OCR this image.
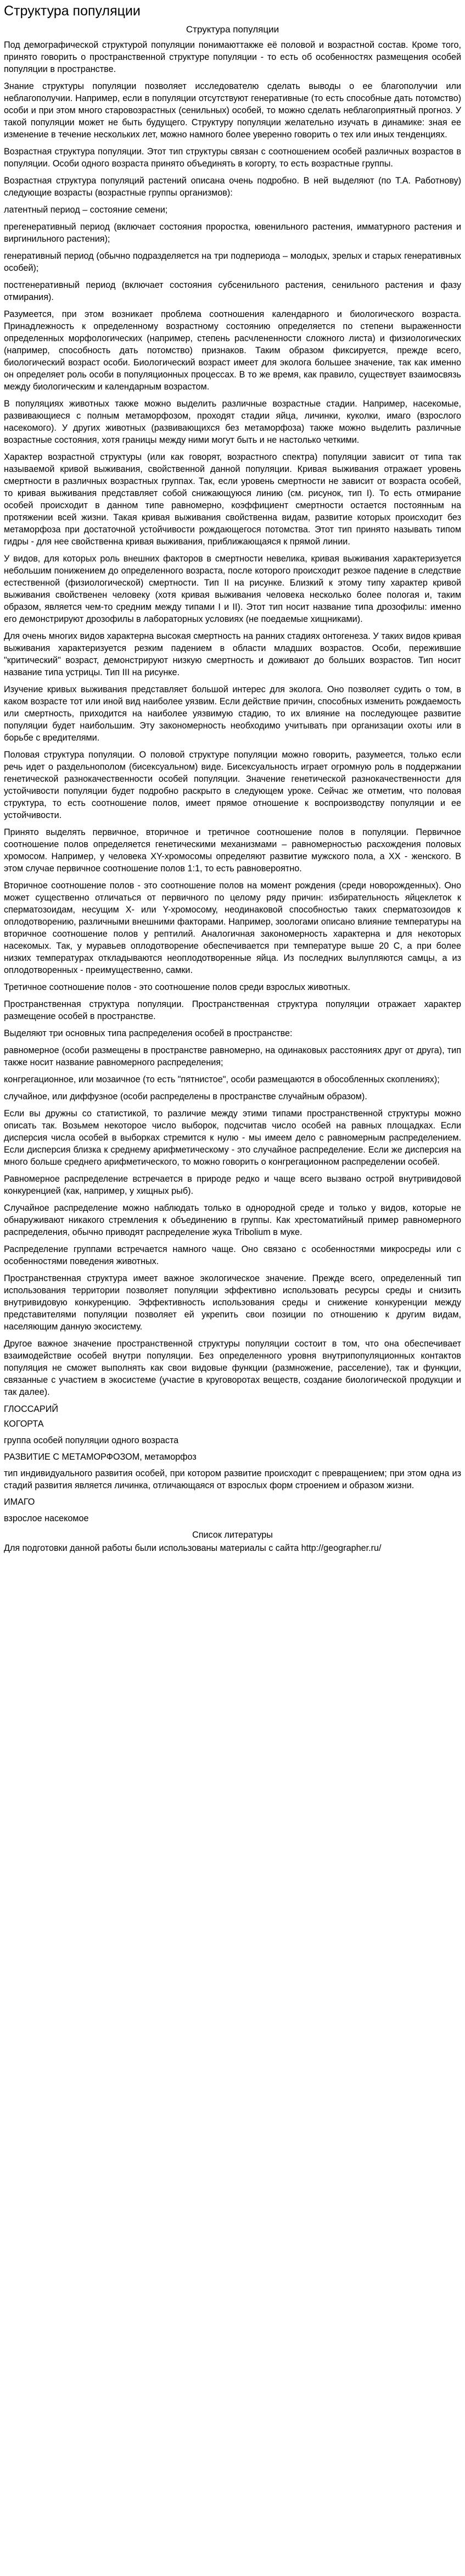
Структура популяции
Структура популяции

Под демографической структурой популяции понимаюттакже её половой и возрастной состав. Кроме того, принято говорить о пространственной структуре популяции - то есть об особенностях размещения особей популяции в пространстве.

Знание структуры популяции позволяет исследователю сделать выводы о ее благополучии или неблагополучии. Например, если в популяции отсутствуют генеративные (то есть способные дать потомство) особи и при этом много старовозрастных (сенильных) особей, то можно сделать неблагоприятный прогноз. У такой популяции может не быть будущего. Структуру популяции желательно изучать в динамике: зная ее изменение в течение нескольких лет, можно намного более уверенно говорить о тех или иных тенденциях.

Возрастная структура популяции. Этот тип структуры связан с соотношением особей различных возрастов в популяции. Особи одного возраста принято объединять в когорту, то есть возрастные группы.

Возрастная структура популяций растений описана очень подробно. В ней выделяют (по Т.А. Работнову) следующие возрасты (возрастные группы организмов):

латентный период – состояние семени;

прегенеративный период (включает состояния проростка, ювенильного растения, имматурного растения и виргинильного растения);

генеративный период (обычно подразделяется на три подпериода – молодых, зрелых и старых генеративных особей);

постгенеративный период (включает состояния субсенильного растения, сенильного растения и фазу отмирания).

Разумеется, при этом возникает проблема соотношения календарного и биологического возраста. Принадлежность к определенному возрастному состоянию определяется по степени выраженности определенных морфологических (например, степень расчлененности сложного листа) и физиологических (например, способность дать потомство) признаков. Таким образом фиксируется, прежде всего, биологический возраст особи. Биологический возраст имеет для эколога большее значение, так как именно он определяет роль особи в популяционных процессах. В то же время, как правило, существует взаимосвязь между биологическим и календарным возрастом.

В популяциях животных также можно выделить различные возрастные стадии. Например, насекомые, развивающиеся с полным метаморфозом, проходят стадии яйца, личинки, куколки, имаго (взрослого насекомого). У других животных (развивающихся без метаморфоза) также можно выделить различные возрастные состояния, хотя границы между ними могут быть и не настолько четкими.

Характер возрастной структуры (или как говорят, возрастного спектра) популяции зависит от типа так называемой кривой выживания, свойственной данной популяции. Кривая выживания отражает уровень смертности в различных возрастных группах. Так, если уровень смертности не зависит от возраста особей, то кривая выживания представляет собой снижающуюся линию (см. рисунок, тип I). То есть отмирание особей происходит в данном типе равномерно, коэффициент смертности остается постоянным на протяжении всей жизни. Такая кривая выживания свойственна видам, развитие которых происходит без метаморфоза при достаточной устойчивости рождающегося потомства. Этот тип принято называть типом гидры - для нее свойственна кривая выживания, приближающаяся к прямой линии.

У видов, для которых роль внешних факторов в смертности невелика, кривая выживания характеризуется небольшим понижением до определенного возраста, после которого происходит резкое падение в следствие естественной (физиологической) смертности. Тип II на рисунке. Близкий к этому типу характер кривой выживания свойственен человеку (хотя кривая выживания человека несколько более пологая и, таким образом, является чем-то средним между типами I и II). Этот тип носит название типа дрозофилы: именно его демонстрируют дрозофилы в лабораторных условиях (не поедаемые хищниками).

Для очень многих видов характерна высокая смертность на ранних стадиях онтогенеза. У таких видов кривая выживания характеризуется резким падением в области младших возрастов. Особи, пережившие "критический" возраст, демонстрируют низкую смертность и доживают до больших возрастов. Тип носит название типа устрицы. Тип III на рисунке.

Изучение кривых выживания представляет большой интерес для эколога. Оно позволяет судить о том, в каком возрасте тот или иной вид наиболее уязвим. Если действие причин, способных изменить рождаемость или смертность, приходится на наиболее уязвимую стадию, то их влияние на последующее развитие популяции будет наибольшим. Эту закономерность необходимо учитывать при организации охоты или в борьбе с вредителями.

Половая структура популяции. О половой структуре популяции можно говорить, разумеется, только если речь идет о раздельнополом (бисексуальном) виде. Бисексуальность играет огромную роль в поддержании генетической разнокачественности особей популяции. Значение генетической разнокачественности для устойчивости популяции будет подробно раскрыто в следующем уроке. Сейчас же отметим, что половая структура, то есть соотношение полов, имеет прямое отношение к воспроизводству популяции и ее устойчивости.

Принято выделять первичное, вторичное и третичное соотношение полов в популяции. Первичное соотношение полов определяется генетическими механизмами – равномерностью расхождения половых хромосом. Например, у человека XY-хромосомы определяют развитие мужского пола, а XX - женского. В этом случае первичное соотношение полов 1:1, то есть равновероятно.

Вторичное соотношение полов - это соотношение полов на момент рождения (среди новорожденных). Оно может существенно отличаться от первичного по целому ряду причин: избирательность яйцеклеток к сперматозоидам, несущим X- или Y-хромосому, неодинаковой способностью таких сперматозоидов к оплодотворению, различными внешними факторами. Например, зоологами описано влияние температуры на вторичное соотношение полов у рептилий. Аналогичная закономерность характерна и для некоторых насекомых. Так, у муравьев оплодотворение обеспечивается при температуре выше 20 С, а при более низких температурах откладываются неоплодотворенные яйца. Из последних вылупляются самцы, а из оплодотворенных - преимущественно, самки.

Третичное соотношение полов - это соотношение полов среди взрослых животных.

Пространственная структура популяции. Пространственная структура популяции отражает характер размещение особей в пространстве.

Выделяют три основных типа распределения особей в пространстве:

равномерное (особи размещены в пространстве равномерно, на одинаковых расстояниях друг от друга), тип также носит название равномерного распределения;

конгрегационное, или мозаичное (то есть "пятнистое", особи размещаются в обособленных скоплениях);

случайное, или диффузное (особи распределены в пространстве случайным образом).

Если вы дружны со статистикой, то различие между этими типами пространственной структуры можно описать так. Возьмем некоторое число выборок, подсчитав число особей на равных площадках. Если дисперсия числа особей в выборках стремится к нулю - мы имеем дело с равномерным распределением. Если дисперсия близка к среднему арифметическому - это случайное распределение. Если же дисперсия на много больше среднего арифметического, то можно говорить о конгрегационном распределении особей.

Равномерное распределение встречается в природе редко и чаще всего вызвано острой внутривидовой конкуренцией (как, например, у хищных рыб).

Случайное распределение можно наблюдать только в однородной среде и только у видов, которые не обнаруживают никакого стремления к объединению в группы. Как хрестоматийный пример равномерного распределения, обычно приводят распределение жука Tribolium в муке.

Распределение группами встречается намного чаще. Оно связано с особенностями микросреды или с особенностями поведения животных.

Пространственная структура имеет важное экологическое значение. Прежде всего, определенный тип использования территории позволяет популяции эффективно использовать ресурсы среды и снизить внутривидовую конкуренцию. Эффективность использования среды и снижение конкуренции между представителями популяции позволяет ей укрепить свои позиции по отношению к другим видам, населяющим данную экосистему.

Другое важное значение пространственной структуры популяции состоит в том, что она обеспечивает взаимодействие особей внутри популяции. Без определенного уровня внутрипопуляционных контактов популяция не сможет выполнять как свои видовые функции (размножение, расселение), так и функции, связанные с участием в экосистеме (участие в круговоротах веществ, создание биологической продукции и так далее).

ГЛОССАРИЙ

КОГОРТА

группа особей популяции одного возраста

РАЗВИТИЕ С МЕТАМОРФОЗОМ, метаморфоз

тип индивидуального развития особей, при котором развитие происходит с превращением; при этом одна из стадий развития является личинка, отличающаяся от взрослых форм строением и образом жизни.

ИМАГО

взрослое насекомое

Список литературы

Для подготовки данной работы были использованы материалы с сайта http://geographer.ru/
